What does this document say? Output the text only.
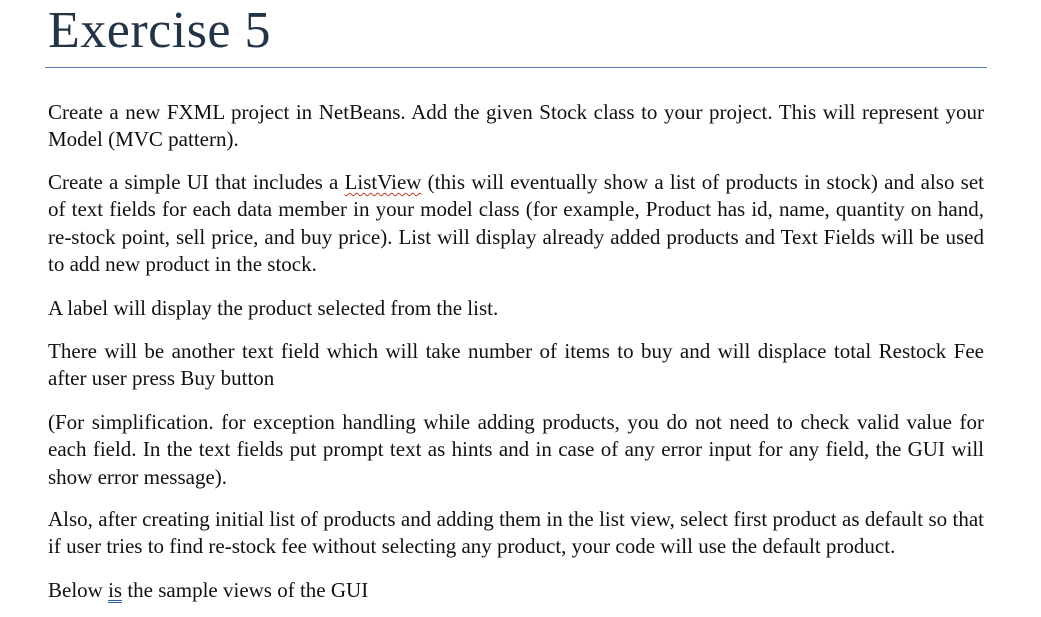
Exercise 5

Create a new FXML project in NetBeans. Add the given Stock class to your project. This will represent your Model (MVC pattern).

Create a simple UI that includes a ListView (this will eventually show a list of products in stock) and also set of text fields for each data member in your model class (for example, Product has id, name, quantity on hand, re-stock point, sell price, and buy price). List will display already added products and Text Fields will be used to add new product in the stock.

A label will display the product selected from the list.

There will be another text field which will take number of items to buy and will displace total Restock Fee after user press Buy button

(For simplification. for exception handling while adding products, you do not need to check valid value for each field. In the text fields put prompt text as hints and in case of any error input for any field, the GUI will show error message).

Also, after creating initial list of products and adding them in the list view, select first product as default so that if user tries to find re-stock fee without selecting any product, your code will use the default product.

Below is the sample views of the GUI
